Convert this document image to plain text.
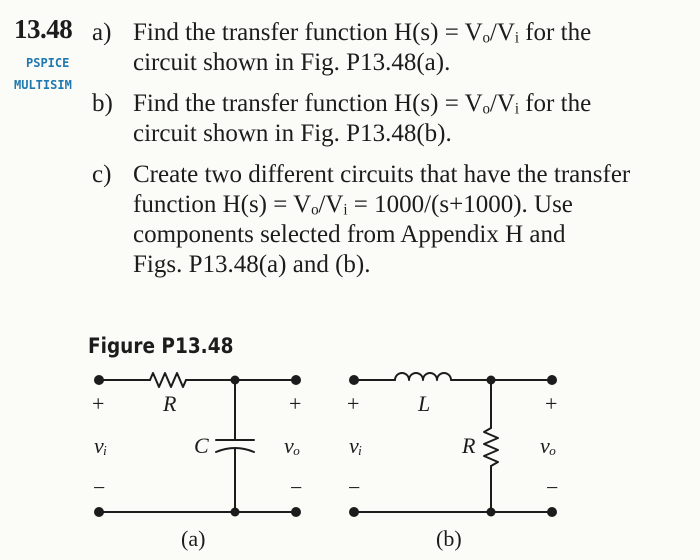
13.48
PSPICE
MULTISIM
a) Find the transfer function H(s) = Vₒ/Vᵢ for the
circuit shown in Fig. P13.48(a).
b) Find the transfer function H(s) = Vₒ/Vᵢ for the
circuit shown in Fig. P13.48(b).
c) Create two different circuits that have the transfer
function H(s) = Vₒ/Vᵢ = 1000/(s+1000). Use
components selected from Appendix H and
Figs. P13.48(a) and (b).
Figure P13.48
+
vᵢ
−
R
C
+
vₒ
−
(a)
+
vᵢ
−
L
R
+
vₒ
−
(b)
